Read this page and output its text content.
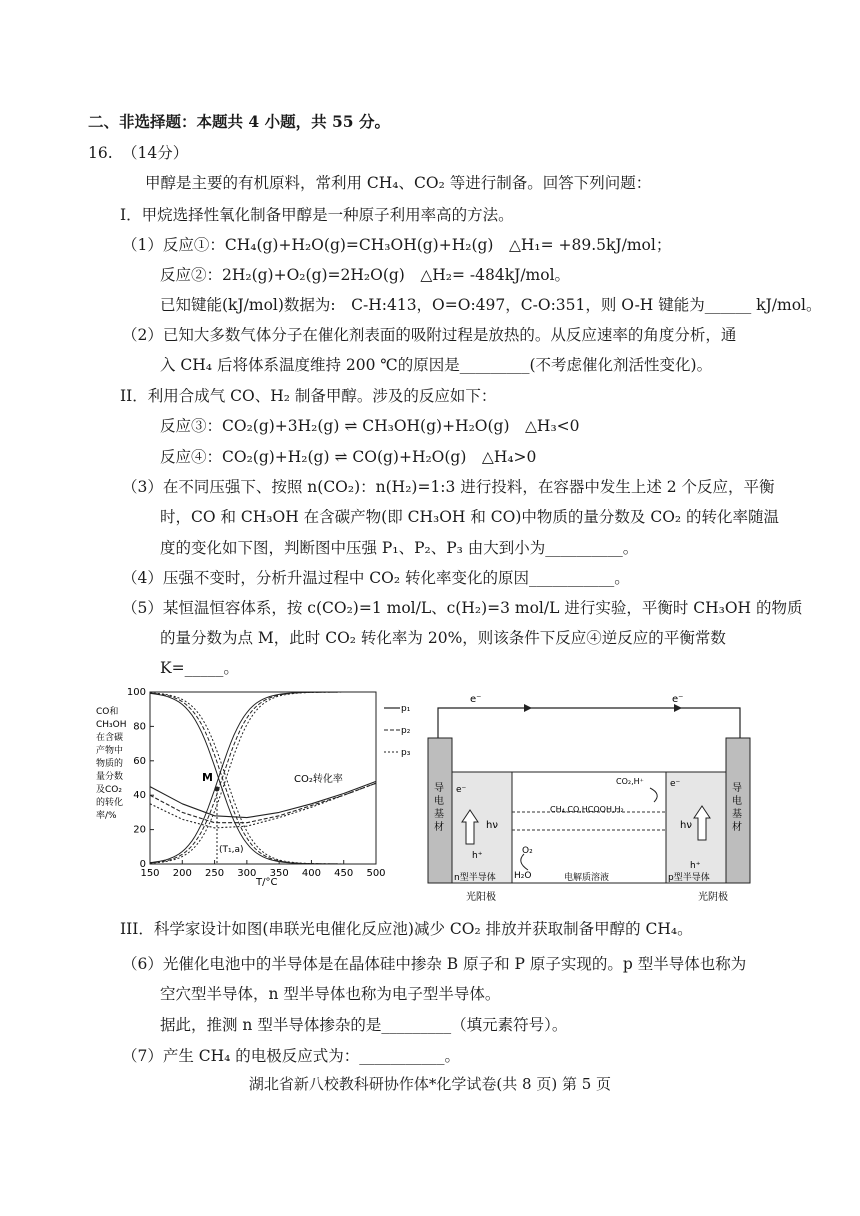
二、非选择题：本题共 4 小题，共 55 分。
16. （14分）
甲醇是主要的有机原料，常利用 CH₄、CO₂ 等进行制备。回答下列问题：
I．甲烷选择性氧化制备甲醇是一种原子利用率高的方法。
（1）反应①：CH₄(g)+H₂O(g)=CH₃OH(g)+H₂(g)　△H₁= +89.5kJ/mol；
反应②：2H₂(g)+O₂(g)=2H₂O(g)　△H₂= -484kJ/mol。
已知键能(kJ/mol)数据为:　C-H:413，O=O:497，C-O:351，则 O-H 键能为______ kJ/mol。
（2）已知大多数气体分子在催化剂表面的吸附过程是放热的。从反应速率的角度分析，通
入 CH₄ 后将体系温度维持 200 ℃的原因是_________(不考虑催化剂活性变化)。
II．利用合成气 CO、H₂ 制备甲醇。涉及的反应如下：
反应③：CO₂(g)+3H₂(g) ⇌ CH₃OH(g)+H₂O(g)　△H₃<0
反应④：CO₂(g)+H₂(g) ⇌ CO(g)+H₂O(g)　△H₄>0
（3）在不同压强下、按照 n(CO₂)：n(H₂)=1:3 进行投料，在容器中发生上述 2 个反应，平衡
时，CO 和 CH₃OH 在含碳产物(即 CH₃OH 和 CO)中物质的量分数及 CO₂ 的转化率随温
度的变化如下图，判断图中压强 P₁、P₂、P₃ 由大到小为__________。
（4）压强不变时，分析升温过程中 CO₂ 转化率变化的原因___________。
（5）某恒温恒容体系，按 c(CO₂)=1 mol/L、c(H₂)=3 mol/L 进行实验，平衡时 CH₃OH 的物质
的量分数为点 M，此时 CO₂ 转化率为 20%，则该条件下反应④逆反应的平衡常数
K=_____。
CO和
CH₃OH
在含碳
产物中
物质的
量分数
及CO₂
的转化
率/%
0
20
40
60
80
100
150 200 250 300 350 400 450 500
M
(T₁,a)
CO₂转化率
T/°C
p₁
p₂
p₃
e⁻	e⁻
导 电 基 材
导 电 基 材
hν	hν
e⁻
h⁺
h⁺
e⁻
CO₂,H⁺
CH₄,CO,HCOOH,H₂
O₂
H₂O
n型半导体	电解质溶液	p型半导体
光阳极	光阴极
III．科学家设计如图(串联光电催化反应池)减少 CO₂ 排放并获取制备甲醇的 CH₄。
（6）光催化电池中的半导体是在晶体硅中掺杂 B 原子和 P 原子实现的。p 型半导体也称为
空穴型半导体，n 型半导体也称为电子型半导体。
据此，推测 n 型半导体掺杂的是_________（填元素符号）。
（7）产生 CH₄ 的电极反应式为：___________。
湖北省新八校教科研协作体*化学试卷(共 8 页) 第 5 页
